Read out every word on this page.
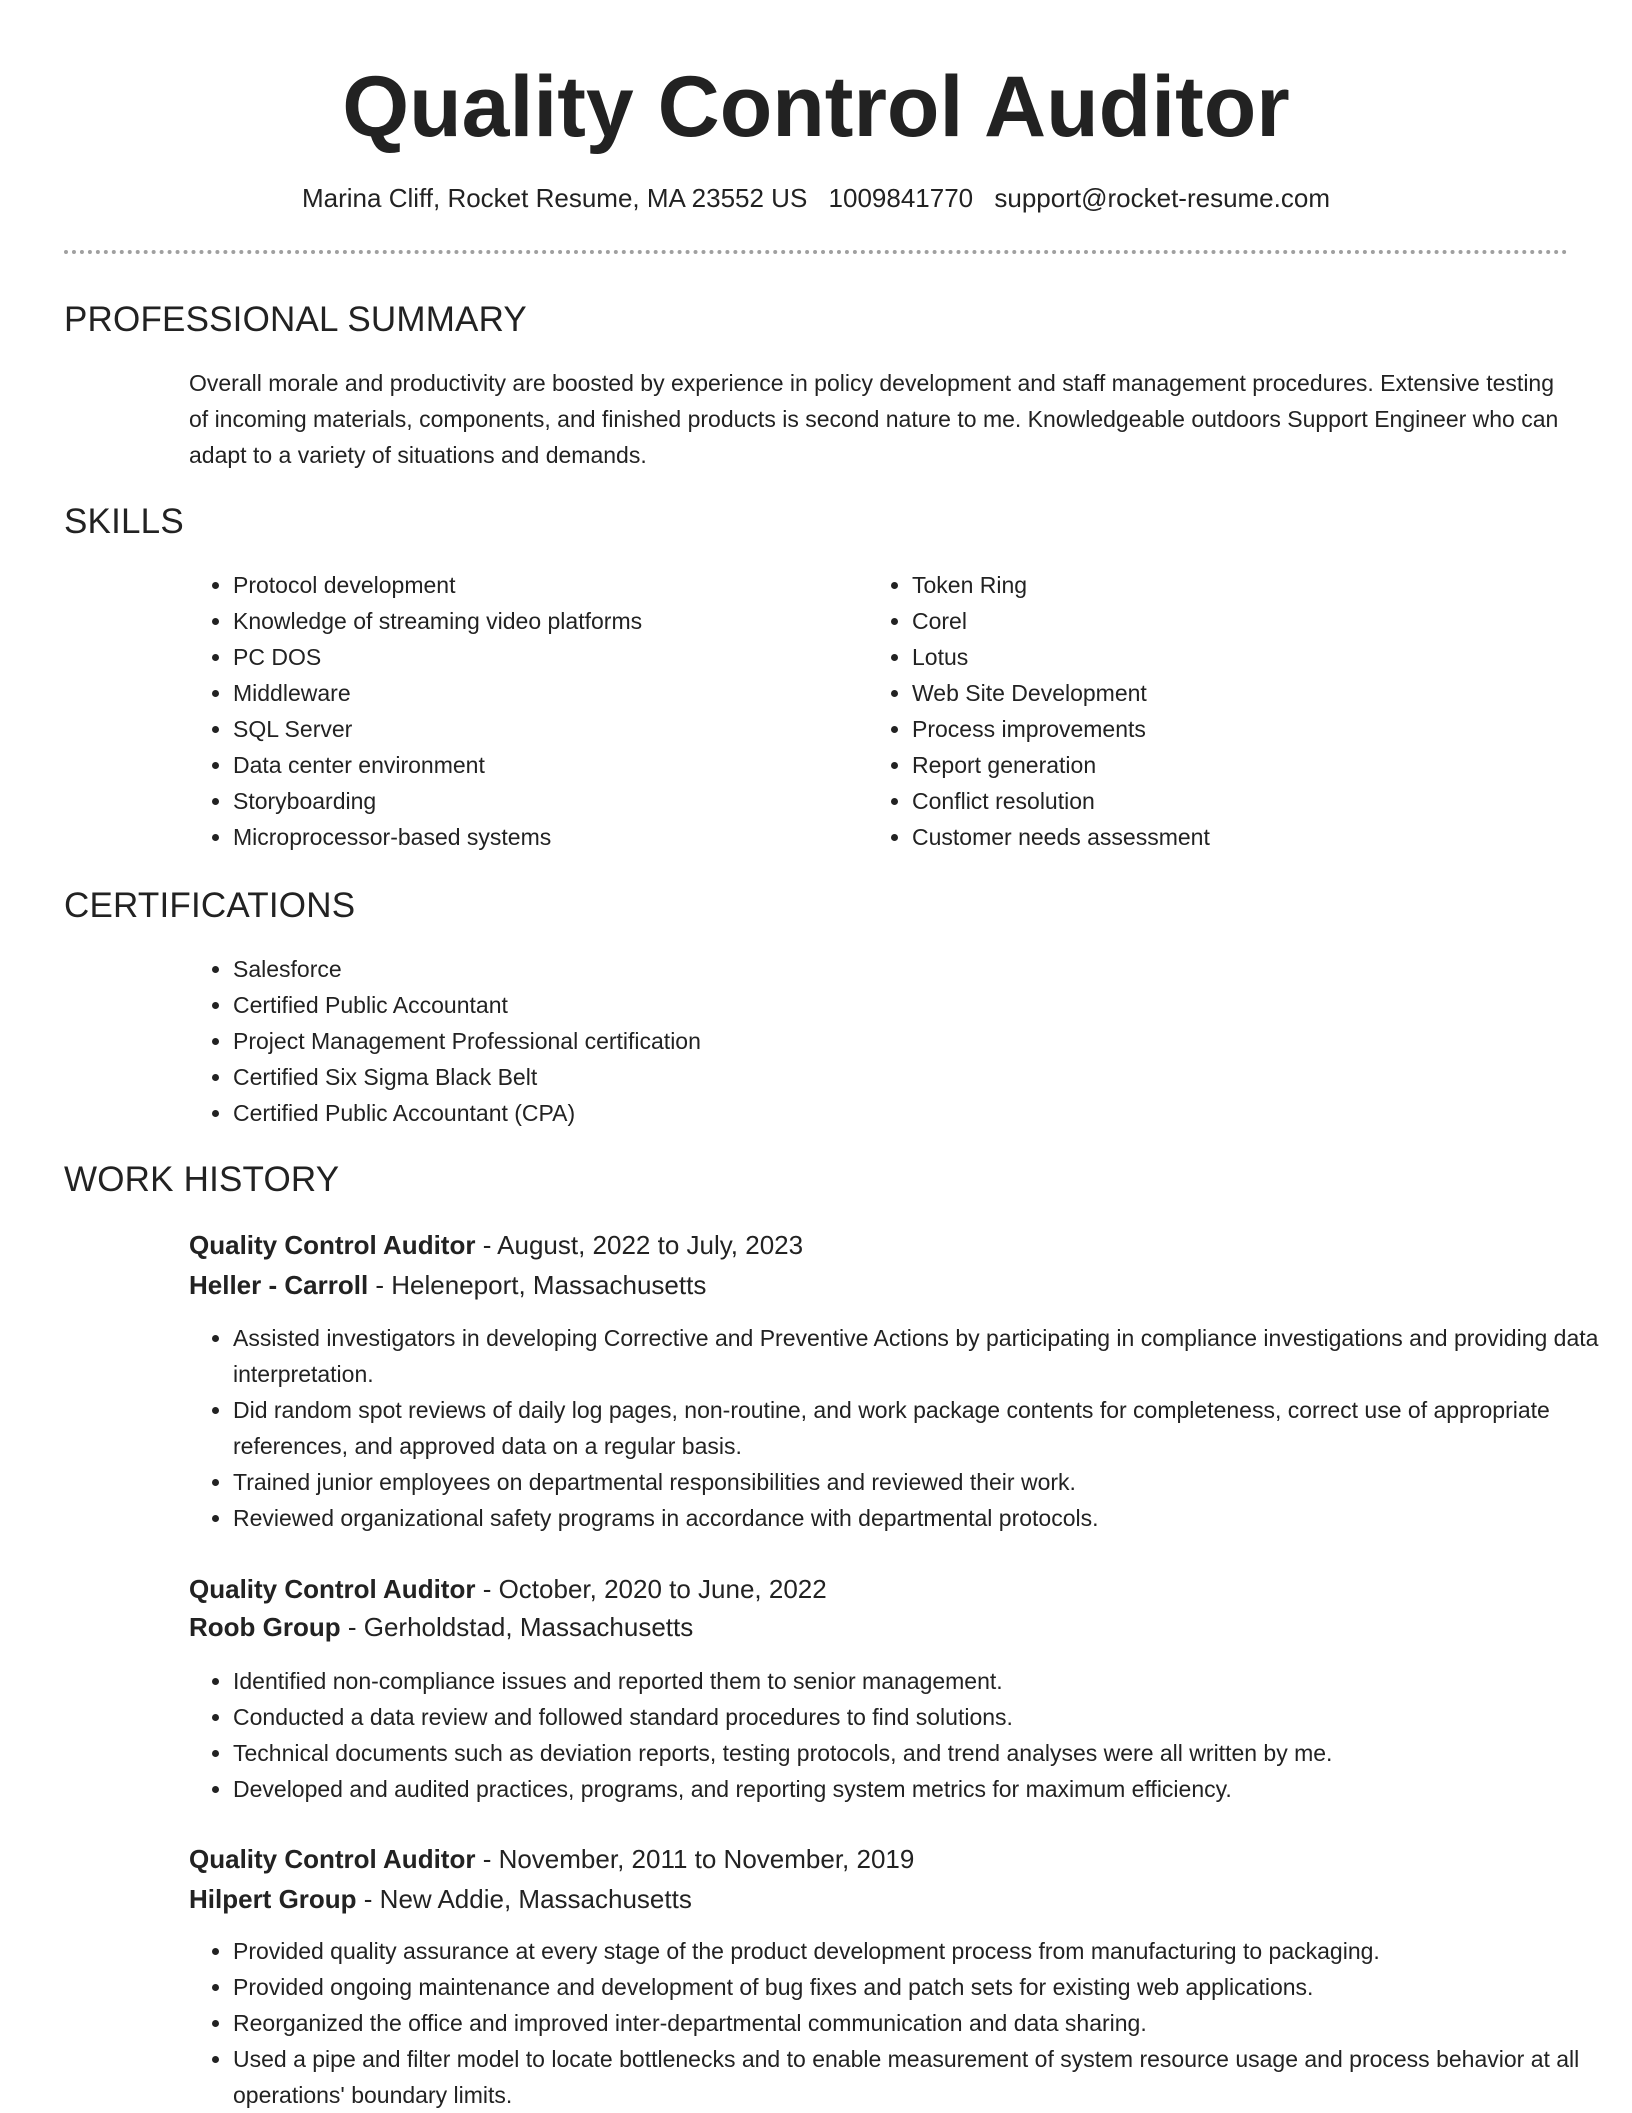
Quality Control Auditor
Marina Cliff, Rocket Resume, MA 23552 US 1009841770 support@rocket-resume.com
PROFESSIONAL SUMMARY

Overall morale and productivity are boosted by experience in policy development and staff management procedures. Extensive testing of incoming materials, components, and finished products is second nature to me. Knowledgeable outdoors Support Engineer who can adapt to a variety of situations and demands.

SKILLS
• Protocol development
• Knowledge of streaming video platforms
• PC DOS
• Middleware
• SQL Server
• Data center environment
• Storyboarding
• Microprocessor-based systems
• Token Ring
• Corel
• Lotus
• Web Site Development
• Process improvements
• Report generation
• Conflict resolution
• Customer needs assessment
CERTIFICATIONS
• Salesforce
• Certified Public Accountant
• Project Management Professional certification
• Certified Six Sigma Black Belt
• Certified Public Accountant (CPA)
WORK HISTORY
Quality Control Auditor - August, 2022 to July, 2023
Heller - Carroll - Heleneport, Massachusetts
• Assisted investigators in developing Corrective and Preventive Actions by participating in compliance investigations and providing data interpretation.
• Did random spot reviews of daily log pages, non-routine, and work package contents for completeness, correct use of appropriate references, and approved data on a regular basis.
• Trained junior employees on departmental responsibilities and reviewed their work.
• Reviewed organizational safety programs in accordance with departmental protocols.
Quality Control Auditor - October, 2020 to June, 2022
Roob Group - Gerholdstad, Massachusetts
• Identified non-compliance issues and reported them to senior management.
• Conducted a data review and followed standard procedures to find solutions.
• Technical documents such as deviation reports, testing protocols, and trend analyses were all written by me.
• Developed and audited practices, programs, and reporting system metrics for maximum efficiency.
Quality Control Auditor - November, 2011 to November, 2019
Hilpert Group - New Addie, Massachusetts
• Provided quality assurance at every stage of the product development process from manufacturing to packaging.
• Provided ongoing maintenance and development of bug fixes and patch sets for existing web applications.
• Reorganized the office and improved inter-departmental communication and data sharing.
• Used a pipe and filter model to locate bottlenecks and to enable measurement of system resource usage and process behavior at all operations' boundary limits.
